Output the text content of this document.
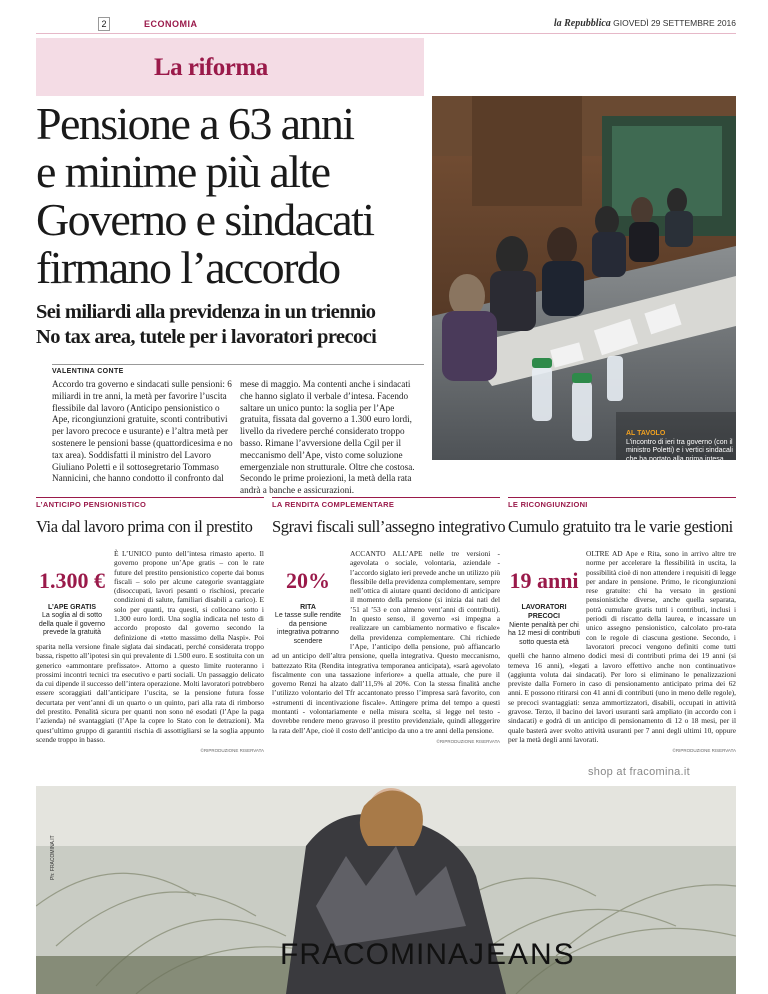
2	ECONOMIA	la Repubblica GIOVEDÌ 29 SETTEMBRE 2016
La riforma
Pensione a 63 anni
e minime più alte
Governo e sindacati
firmano l’accordo
Sei miliardi alla previdenza in un triennio
No tax area, tutele per i lavoratori precoci
AL TAVOLO
L’incontro di ieri tra governo (con il ministro Poletti) e i vertici sindacali che ha portato alla prima intesa sulla previdenza
VALENTINA CONTE

Accordo tra governo e sindacati sulle pensioni: 6 miliardi in tre anni, la metà per favorire l’uscita flessibile dal lavoro (Anticipo pensionistico o Ape, ricongiunzioni gratuite, sconti contributivi per lavoro precoce e usurante) e l’altra metà per sostenere le pensioni basse (quattordicesima e no tax area). Soddisfatti il ministro del Lavoro Giuliano Poletti e il sottosegretario Tommaso Nannicini, che hanno condotto il confronto dal

mese di maggio. Ma contenti anche i sindacati che hanno siglato il verbale d’intesa. Facendo saltare un unico punto: la soglia per l’Ape gratuita, fissata dal governo a 1.300 euro lordi, livello da rivedere perché considerato troppo basso. Rimane l’avversione della Cgil per il meccanismo dell’Ape, visto come soluzione emergenziale non strutturale. Oltre che costosa. Secondo le prime proiezioni, la metà della rata andrà a banche e assicurazioni.

L’ANTICIPO PENSIONISTICO
Via dal lavoro prima con il prestito
1.300 €
L’APE GRATIS
La soglia al di sotto della quale il governo prevede la gratuità
È L’UNICO punto dell’intesa rimasto aperto. Il governo propone un’Ape gratis – con le rate future del prestito pensionistico coperte dai bonus fiscali – solo per alcune categorie svantaggiate (disoccupati, lavori pesanti o rischiosi, precarie condizioni di salute, familiari disabili a carico). E solo per quanti, tra questi, si collocano sotto i 1.300 euro lordi. Una soglia indicata nel testo di accordo proposto dal governo secondo la definizione di «tetto massimo della Naspi». Poi sparita nella versione finale siglata dai sindacati, perché considerata troppo bassa, rispetto all’ipotesi sin qui prevalente di 1.500 euro. E sostituita con un generico «ammontare prefissato». Attorno a questo limite ruoteranno i prossimi incontri tecnici tra esecutivo e parti sociali. Un passaggio delicato da cui dipende il successo dell’intera operazione. Molti lavoratori potrebbero essere scoraggiati dall’anticipare l’uscita, se la pensione futura fosse decurtata per vent’anni di un quarto o un quinto, pari alla rata di rimborso del prestito. Penalità sicura per quanti non sono né esodati (l’Ape la paga l’azienda) né svantaggiati (l’Ape la copre lo Stato con le detrazioni). Ma quest’ultimo gruppo di garantiti rischia di assottigliarsi se la soglia appunto scende troppo in basso.
©RIPRODUZIONE RISERVATA
LA RENDITA COMPLEMENTARE
Sgravi fiscali sull’assegno integrativo
20%
RITA
Le tasse sulle rendite da pensione integrativa potranno scendere
ACCANTO ALL’APE nelle tre versioni - agevolata o sociale, volontaria, aziendale - l’accordo siglato ieri prevede anche un utilizzo più flessibile della previdenza complementare, sempre nell’ottica di aiutare quanti decidono di anticipare il momento della pensione (si inizia dai nati del ’51 al ’53 e con almeno vent’anni di contributi). In questo senso, il governo «si impegna a realizzare un cambiamento normativo e fiscale» della previdenza complementare. Chi richiede l’Ape, l’anticipo della pensione, può affiancarlo ad un anticipo dell’altra pensione, quella integrativa. Questo meccanismo, battezzato Rita (Rendita integrativa temporanea anticipata), «sarà agevolato fiscalmente con una tassazione inferiore» a quella attuale, che pure il governo Renzi ha alzato dall’11,5% al 20%. Con la stessa finalità anche l’utilizzo volontario del Tfr accantonato presso l’impresa sarà favorito, con «strumenti di incentivazione fiscale». Attingere prima del tempo a questi montanti - volontariamente e nella misura scelta, si legge nel testo - dovrebbe rendere meno gravoso il prestito previdenziale, quindi alleggerire la rata dell’Ape, cioè il costo dell’anticipo da uno a tre anni della pensione.
©RIPRODUZIONE RISERVATA
LE RICONGIUNZIONI
Cumulo gratuito tra le varie gestioni
19 anni
LAVORATORI PRECOCI
Niente penalità per chi ha 12 mesi di contributi sotto questa età
OLTRE AD Ape e Rita, sono in arrivo altre tre norme per accelerare la flessibilità in uscita, la possibilità cioè di non attendere i requisiti di legge per andare in pensione. Primo, le ricongiunzioni rese gratuite: chi ha versato in gestioni pensionistiche diverse, anche quella separata, potrà cumulare gratis tutti i contributi, inclusi i periodi di riscatto della laurea, e incassare un unico assegno pensionistico, calcolato pro-rata con le regole di ciascuna gestione. Secondo, i lavoratori precoci vengono definiti come tutti quelli che hanno almeno dodici mesi di contributi prima dei 19 anni (si temeva 16 anni), «legati a lavoro effettivo anche non continuativo» (aggiunta voluta dai sindacati). Per loro si eliminano le penalizzazioni previste dalla Fornero in caso di pensionamento anticipato prima dei 62 anni. E possono ritirarsi con 41 anni di contributi (uno in meno delle regole), se precoci svantaggiati: senza ammortizzatori, disabili, occupati in attività gravose. Terzo, il bacino dei lavori usuranti sarà ampliato (in accordo con i sindacati) e godrà di un anticipo di pensionamento di 12 o 18 mesi, per il quale basterà aver svolto attività usuranti per 7 anni degli ultimi 10, oppure per la metà degli anni lavorati.
©RIPRODUZIONE RISERVATA
shop at fracomina.it
Ph: FRACOMINA.IT
FRACOMINAJEANS
